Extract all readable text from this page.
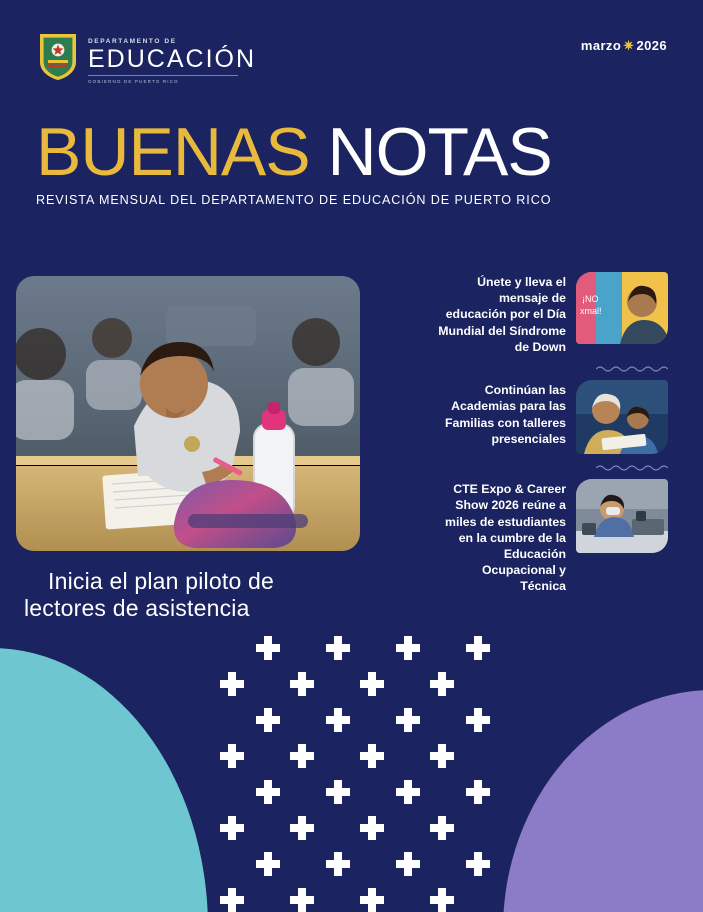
DEPARTAMENTO DE
EDUCACIÓN
GOBIERNO DE PUERTO RICO
marzo ✷ 2026
BUENAS NOTAS
REVISTA MENSUAL DEL DEPARTAMENTO DE EDUCACIÓN DE PUERTO RICO
Inicia el plan piloto de
lectores de asistencia
Únete y lleva el mensaje de educación por el Día Mundial del Síndrome de Down
¡NO
xmal!
Continúan las Academias para las Familias con talleres presenciales
CTE Expo & Career Show 2026 reúne a miles de estudiantes en la cumbre de la Educación Ocupacional y Técnica
